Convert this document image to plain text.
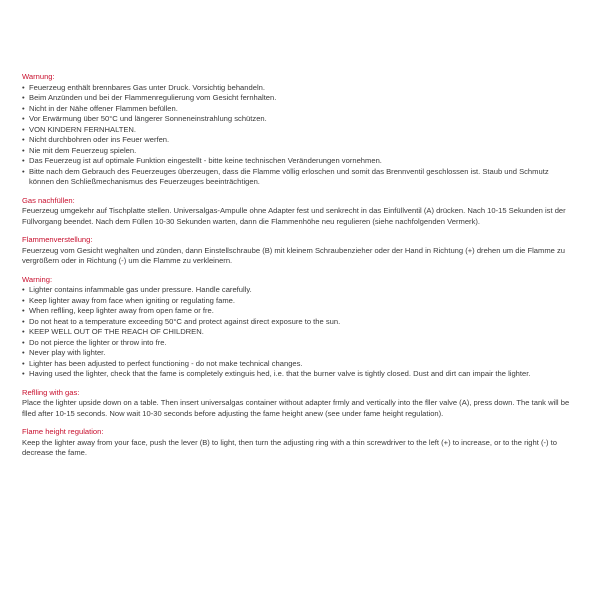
Warnung:

• Feuerzeug enthält brennbares Gas unter Druck. Vorsichtig behandeln.
• Beim Anzünden und bei der Flammenregulierung vom Gesicht fernhalten.
• Nicht in der Nähe offener Flammen befüllen.
• Vor Erwärmung über 50°C und längerer Sonneneinstrahlung schützen.
• VON KINDERN FERNHALTEN.
• Nicht durchbohren oder ins Feuer werfen.
• Nie mit dem Feuerzeug spielen.
• Das Feuerzeug ist auf optimale Funktion eingestellt - bitte keine technischen Veränderungen vornehmen.
• Bitte nach dem Gebrauch des Feuerzeuges überzeugen, dass die Flamme völlig erloschen und somit das Brennventil geschlossen ist. Staub und Schmutz können den Schließmechanismus des Feuerzeuges beeinträchtigen.

Gas nachfüllen:

Feuerzeug umgekehr auf Tischplatte stellen. Universalgas-Ampulle ohne Adapter fest und senkrecht in das Einfüllventil (A) drücken. Nach 10-15 Sekunden ist der Füllvorgang beendet. Nach dem Füllen 10-30 Sekunden warten, dann die Flammenhöhe neu regulieren (siehe nachfolgenden Vermerk).

Flammenverstellung:

Feuerzeug vom Gesicht weghalten und zünden, dann Einstellschraube (B) mit kleinem Schraubenzieher oder der Hand in Richtung (+) drehen um die Flamme zu vergrößern oder in Richtung (-) um die Flamme zu verkleinern.

Warning:

• Lighter contains infammable gas under pressure. Handle carefully.
• Keep lighter away from face when igniting or regulating fame.
• When reflling, keep lighter away from open fame or fre.
• Do not heat to a temperature exceeding 50°C and protect against direct exposure to the sun.
• KEEP WELL OUT OF THE REACH OF CHILDREN.
• Do not pierce the lighter or throw into fre.
• Never play with lighter.
• Lighter has been adjusted to perfect functioning - do not make technical changes.
• Having used the lighter, check that the fame is completely extinguis hed, i.e. that the burner valve is tightly closed. Dust and dirt can impair the lighter.

Reflling with gas:

Place the lighter upside down on a table. Then insert universalgas container without adapter frmly and vertically into the fller valve (A), press down. The tank will be flled after 10-15 seconds. Now wait 10-30 seconds before adjusting the fame height anew (see under fame height regulation).

Flame height regulation:

Keep the lighter away from your face, push the lever (B) to light, then turn the adjusting ring with a thin screwdriver to the left (+) to increase, or to the right (-) to decrease the fame.
